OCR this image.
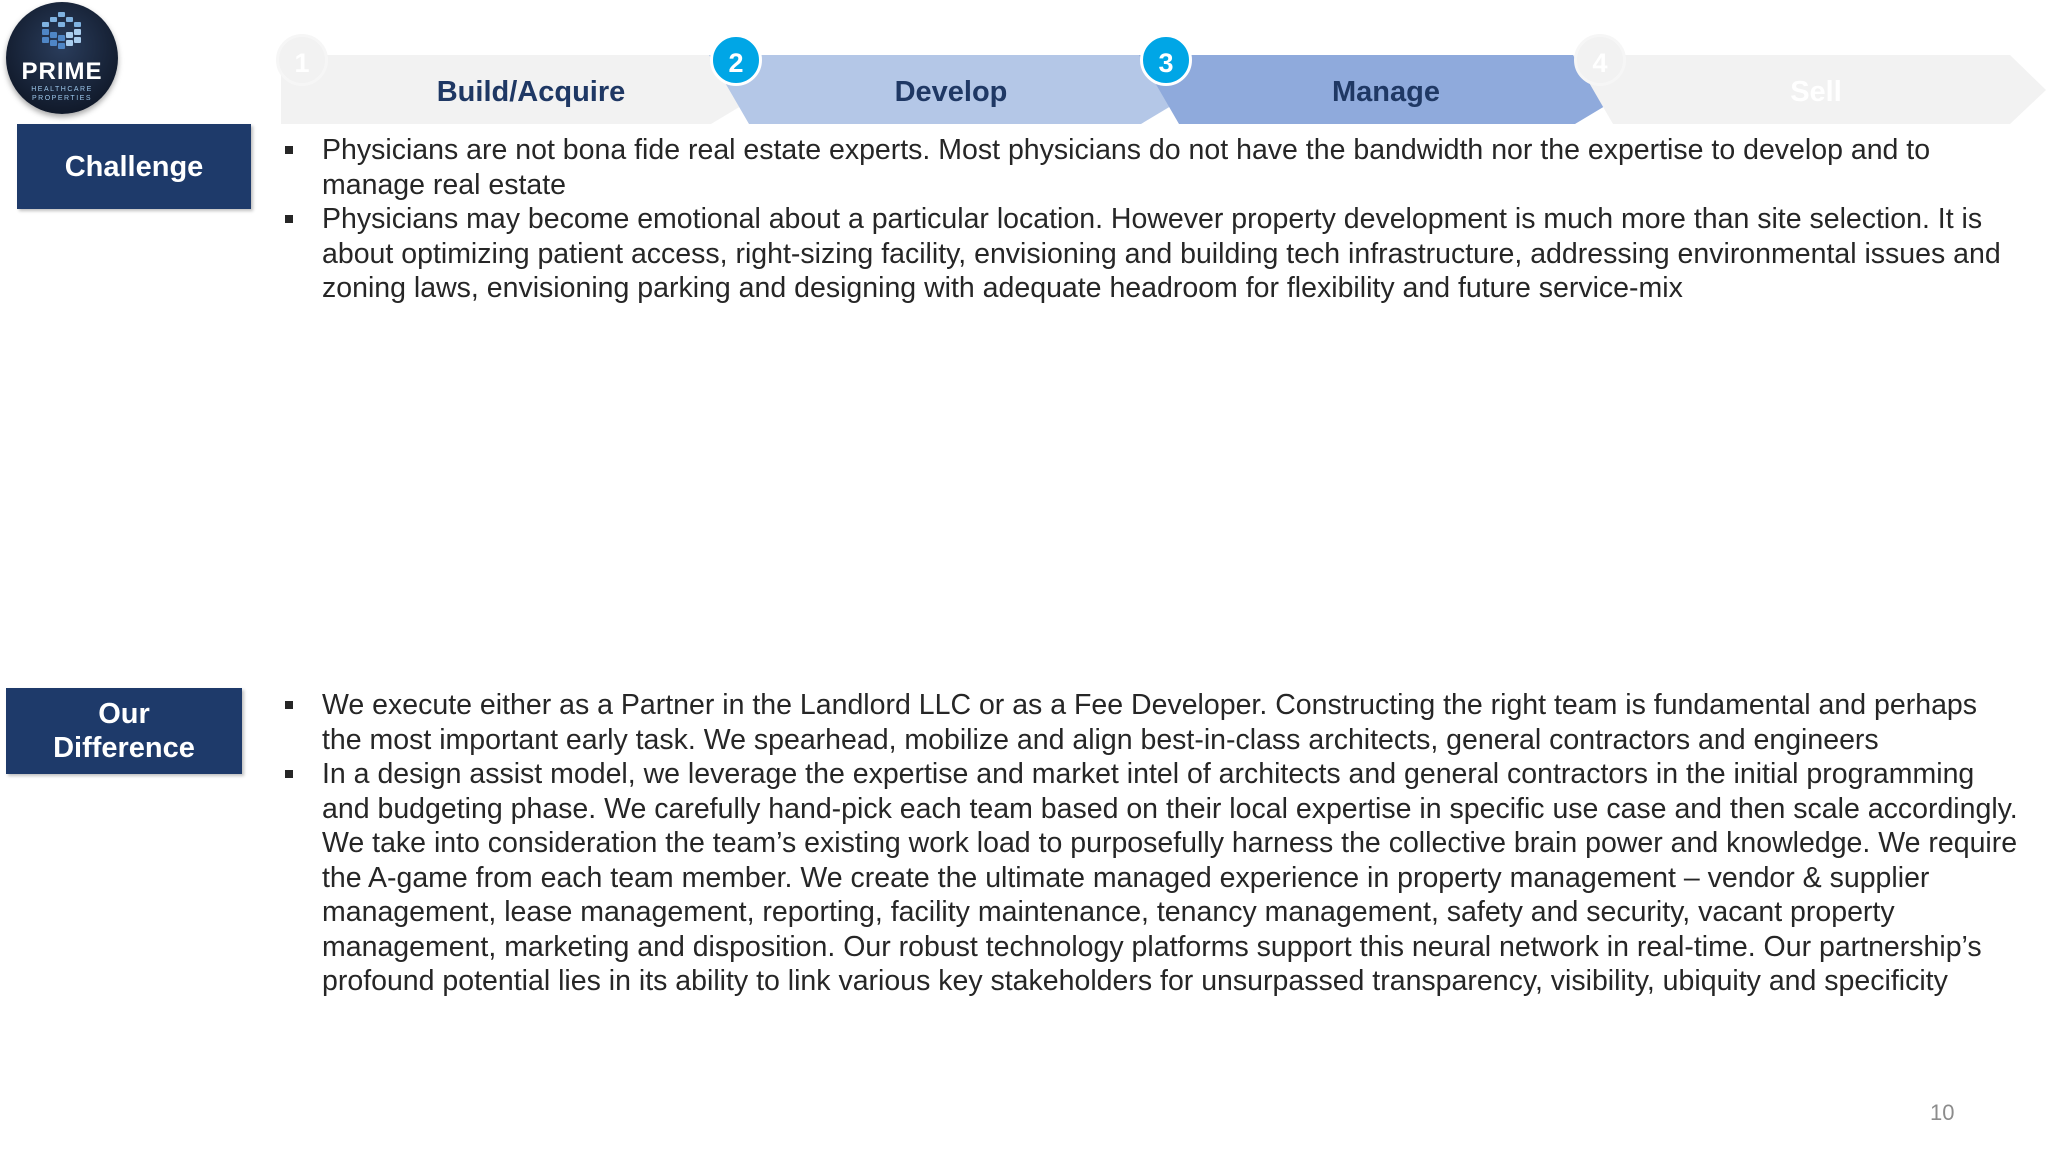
PRIME
HEALTHCARE
PROPERTIES
1
Build/Acquire
2
Develop
3
Manage
4
Sell
Challenge
Physicians are not bona fide real estate experts. Most physicians do not have the bandwidth nor the expertise to develop and to manage real estate
Physicians may become emotional about a particular location. However property development is much more than site selection. It is about optimizing patient access, right-sizing facility, envisioning and building tech infrastructure, addressing environmental issues and zoning laws, envisioning parking and designing with adequate headroom for flexibility and future service-mix
Our
Difference
We execute either as a Partner in the Landlord LLC or as a Fee Developer. Constructing the right team is fundamental and perhaps the most important early task. We spearhead, mobilize and align best-in-class architects, general contractors and engineers
In a design assist model, we leverage the expertise and market intel of architects and general contractors in the initial programming and budgeting phase. We carefully hand-pick each team based on their local expertise in specific use case and then scale accordingly. We take into consideration the team’s existing work load to purposefully harness the collective brain power and knowledge. We require the A-game from each team member. We create the ultimate managed experience in property management – vendor & supplier management, lease management, reporting, facility maintenance, tenancy management, safety and security, vacant property management, marketing and disposition. Our robust technology platforms support this neural network in real-time. Our partnership’s profound potential lies in its ability to link various key stakeholders for unsurpassed transparency, visibility, ubiquity and specificity
10
